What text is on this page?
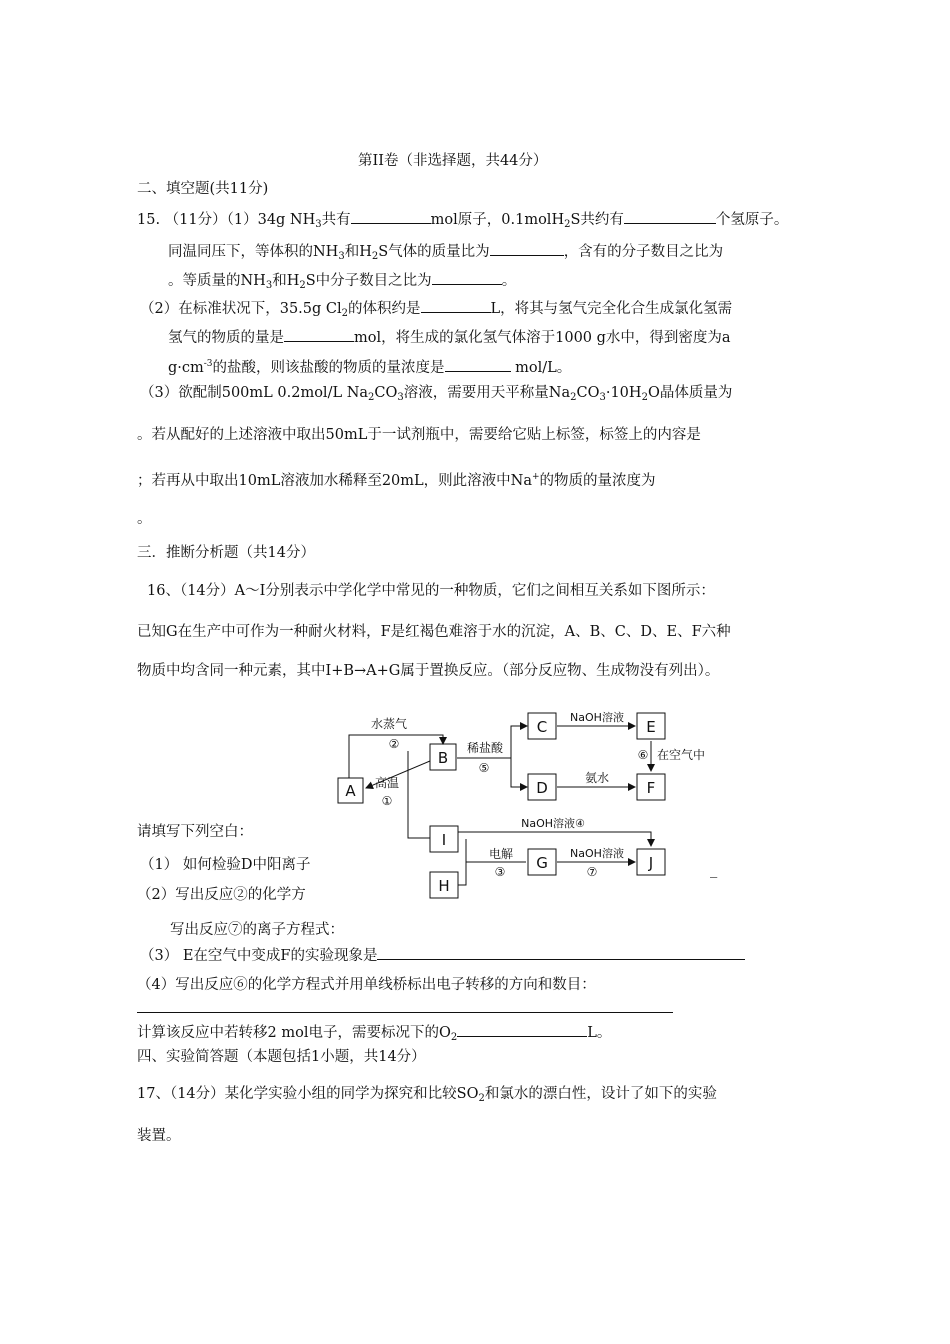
第II卷（非选择题，共44分）
二、填空题(共11分)
15. （11分）（1）34g $NH_3$共有	mol原子，0.1molH$_2$S共约有	个氢原子。
同温同压下，等体积的$NH_3$和$H_2S$气体的质量比为	，含有的分子数目之比为
。等质量的$NH_3$和$H_2S$中分子数目之比为	。
（2）在标准状况下，35.5g $Cl_2$的体积约是	L，将其与氢气完全化合生成氯化氢需
氢气的物质的量是	mol，将生成的氯化氢气体溶于1000 g水中，得到密度为a
$g\cdot cm^{-3}$的盐酸，则该盐酸的物质的量浓度是	mol/L。
（3）欲配制500mL 0.2mol/L $Na_2CO_3$溶液，需要用天平称量$Na_2CO_3\cdot 10H_2O$晶体质量为
。若从配好的上述溶液中取出50mL于一试剂瓶中，需要给它贴上标签，标签上的内容是
；若再从中取出10mL溶液加水稀释至20mL，则此溶液中Na+的物质的量浓度为
。
三．推断分析题（共14分）
16、（14分）A～I分别表示中学化学中常见的一种物质，它们之间相互关系如下图所示：
已知G在生产中可作为一种耐火材料，F是红褐色难溶于水的沉淀，A、B、C、D、E、F六种
物质中均含同一种元素，其中I+B→A+G属于置换反应。（部分反应物、生成物没有列出）。
A
B
C
D
E
F
I
G	J
H
水蒸气
②
高温
①
稀盐酸
⑤
NaOH溶液
⑥ 在空气中
氨水
NaOH溶液④
电解
③
NaOH溶液
⑦
请填写下列空白：
（1） 如何检验D中阳离子
（2）写出反应②的化学方
_
写出反应⑦的离子方程式：
（3） E在空气中变成F的实验现象是
（4）写出反应⑥的化学方程式并用单线桥标出电子转移的方向和数目：
计算该反应中若转移2 mol电子，需要标况下的$O_2$	L。
四、实验简答题（本题包括1小题，共14分）
17、（14分）某化学实验小组的同学为探究和比较$SO_2$和氯水的漂白性，设计了如下的实验
装置。
